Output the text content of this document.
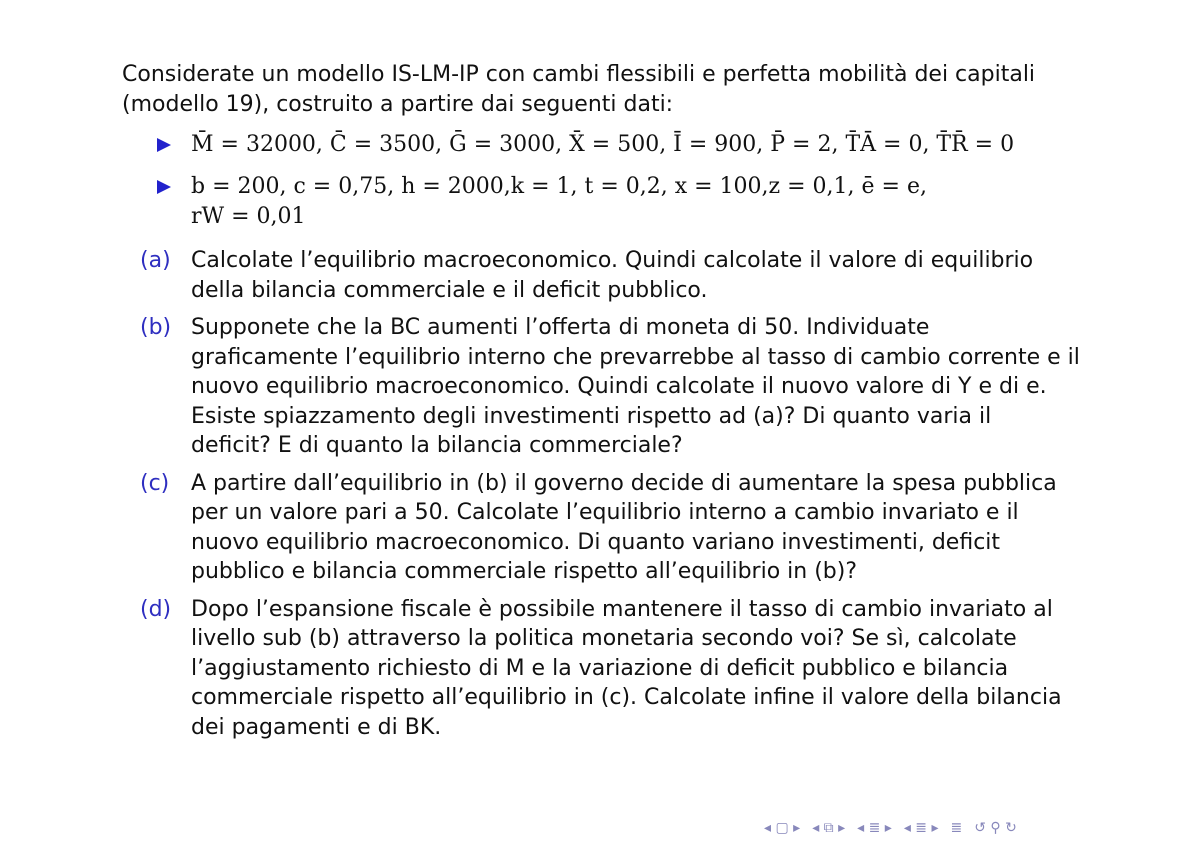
Considerate un modello IS-LM-IP con cambi flessibili e perfetta mobilità dei capitali
(modello 19), costruito a partire dai seguenti dati:
M̄ = 32000, C̄ = 3500, Ḡ = 3000, X̄ = 500, Ī = 900, P̄ = 2, T̄Ā = 0, T̄R̄ = 0
b = 200, c = 0,75, h = 2000,k = 1, t = 0,2, x = 100,z = 0,1, ē = e,
rW = 0,01
(a) Calcolate l’equilibrio macroeconomico. Quindi calcolate il valore di equilibrio
della bilancia commerciale e il deficit pubblico.
(b) Supponete che la BC aumenti l’offerta di moneta di 50. Individuate
graficamente l’equilibrio interno che prevarrebbe al tasso di cambio corrente e il
nuovo equilibrio macroeconomico. Quindi calcolate il nuovo valore di Y e di e.
Esiste spiazzamento degli investimenti rispetto ad (a)? Di quanto varia il
deficit? E di quanto la bilancia commerciale?
(c) A partire dall’equilibrio in (b) il governo decide di aumentare la spesa pubblica
per un valore pari a 50. Calcolate l’equilibrio interno a cambio invariato e il
nuovo equilibrio macroeconomico. Di quanto variano investimenti, deficit
pubblico e bilancia commerciale rispetto all’equilibrio in (b)?
(d) Dopo l’espansione fiscale è possibile mantenere il tasso di cambio invariato al
livello sub (b) attraverso la politica monetaria secondo voi? Se sì, calcolate
l’aggiustamento richiesto di M e la variazione di deficit pubblico e bilancia
commerciale rispetto all’equilibrio in (c). Calcolate infine il valore della bilancia
dei pagamenti e di BK.
◂ ▢ ▸ ◂ ⧉ ▸ ◂ ≣ ▸ ◂ ≣ ▸ ≣ ↺ ⚲ ↻
